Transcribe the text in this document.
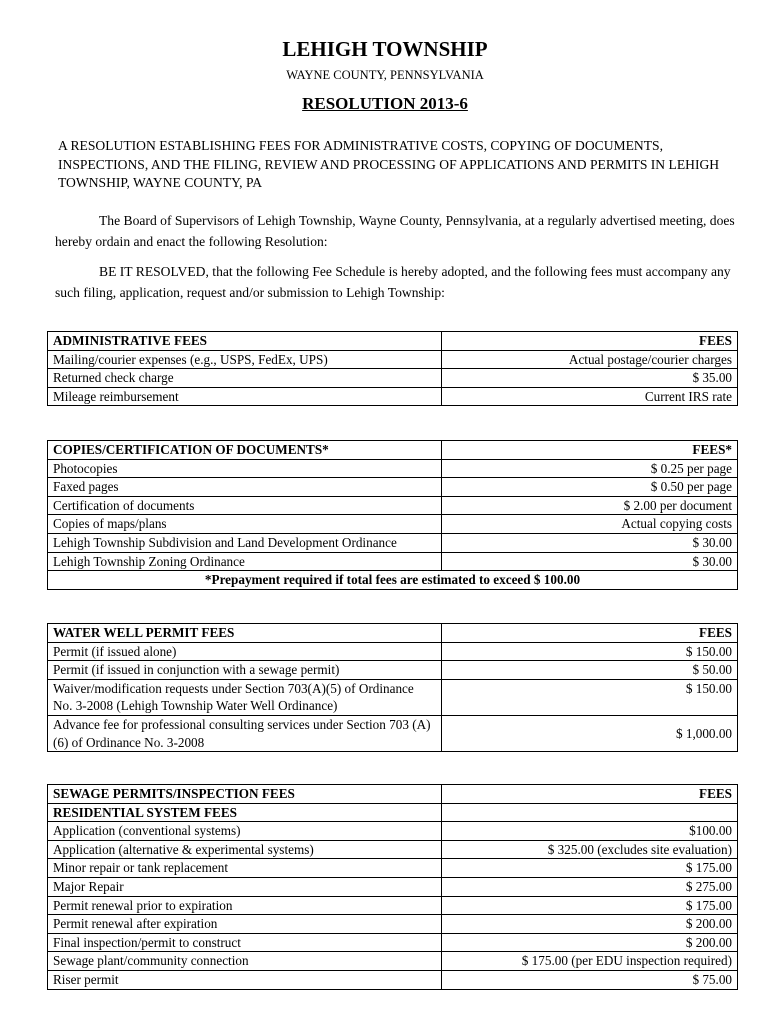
LEHIGH TOWNSHIP
WAYNE COUNTY, PENNSYLVANIA
RESOLUTION 2013-6
A RESOLUTION ESTABLISHING FEES FOR ADMINISTRATIVE COSTS, COPYING OF DOCUMENTS, INSPECTIONS, AND THE FILING, REVIEW AND PROCESSING OF APPLICATIONS AND PERMITS IN LEHIGH TOWNSHIP, WAYNE COUNTY, PA
The Board of Supervisors of Lehigh Township, Wayne County, Pennsylvania, at a regularly advertised meeting, does hereby ordain and enact the following Resolution:
BE IT RESOLVED, that the following Fee Schedule is hereby adopted, and the following fees must accompany any such filing, application, request and/or submission to Lehigh Township:
ADMINISTRATIVE FEES	FEES
Mailing/courier expenses (e.g., USPS, FedEx, UPS)	Actual postage/courier charges
Returned check charge	$ 35.00
Mileage reimbursement	Current IRS rate
COPIES/CERTIFICATION OF DOCUMENTS*	FEES*
Photocopies	$ 0.25 per page
Faxed pages	$ 0.50 per page
Certification of documents	$ 2.00 per document
Copies of maps/plans	Actual copying costs
Lehigh Township Subdivision and Land Development Ordinance	$ 30.00
Lehigh Township Zoning Ordinance	$ 30.00
*Prepayment required if total fees are estimated to exceed $ 100.00	
WATER WELL PERMIT FEES	FEES
Permit (if issued alone)	$ 150.00
Permit (if issued in conjunction with a sewage permit)	$ 50.00
Waiver/modification requests under Section 703(A)(5) of Ordinance No. 3-2008 (Lehigh Township Water Well Ordinance)	$ 150.00
Advance fee for professional consulting services under Section 703 (A) (6) of Ordinance No. 3-2008	$ 1,000.00
SEWAGE PERMITS/INSPECTION FEES	FEES
RESIDENTIAL SYSTEM FEES	
Application (conventional systems)	$100.00
Application (alternative & experimental systems)	$ 325.00 (excludes site evaluation)
Minor repair or tank replacement	$ 175.00
Major Repair	$ 275.00
Permit renewal prior to expiration	$ 175.00
Permit renewal after expiration	$ 200.00
Final inspection/permit to construct	$ 200.00
Sewage plant/community connection	$ 175.00 (per EDU inspection required)
Riser permit	$ 75.00
